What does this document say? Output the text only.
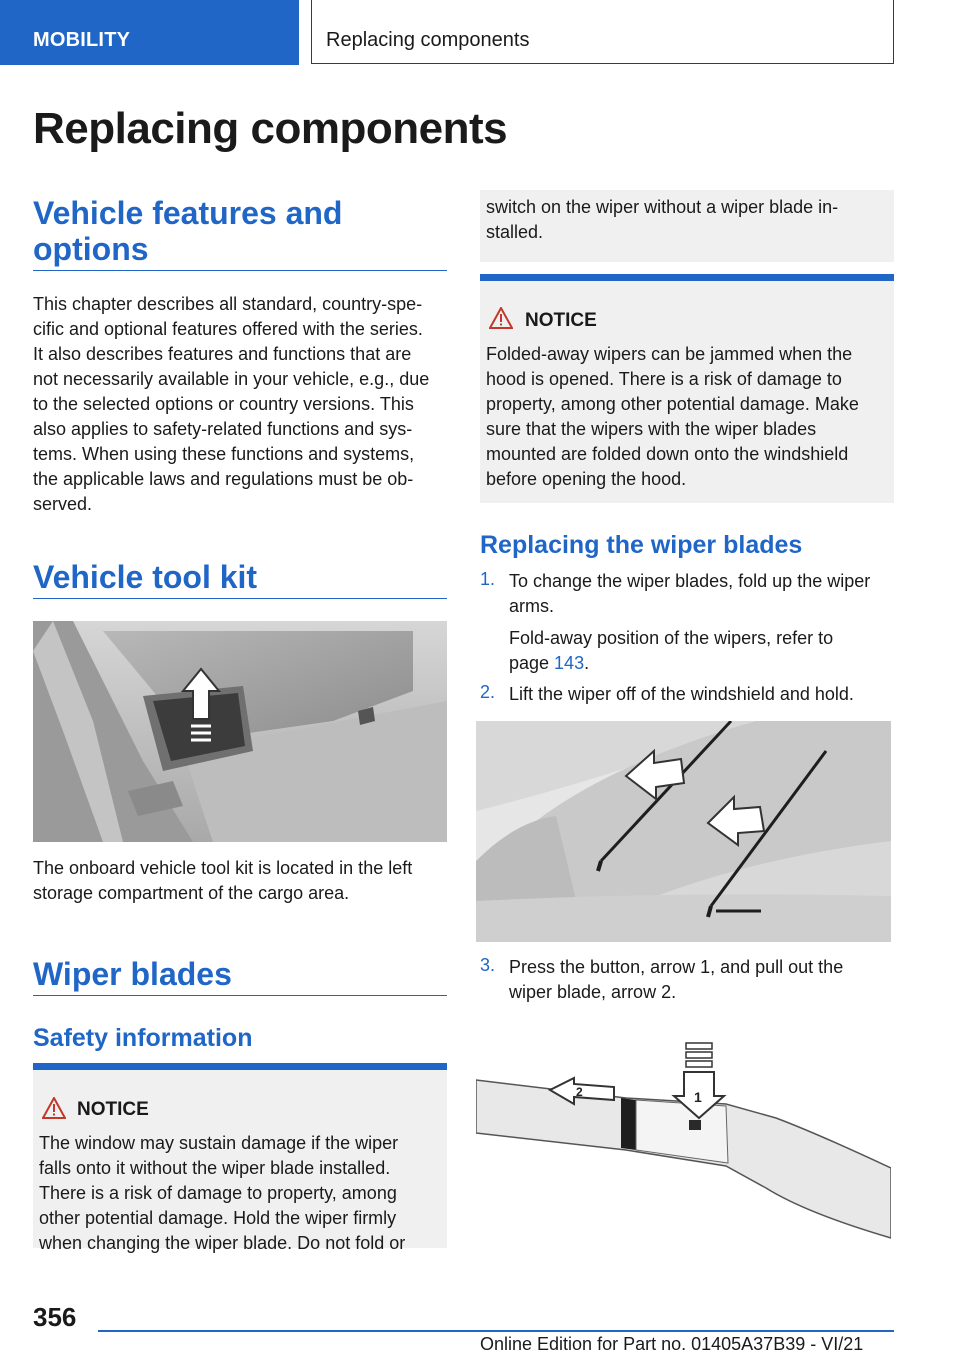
MOBILITY	Replacing components
Replacing components
Vehicle features and
options
This chapter describes all standard, country-spe-
cific and optional features offered with the series.
It also describes features and functions that are
not necessarily available in your vehicle, e.g., due
to the selected options or country versions. This
also applies to safety-related functions and sys-
tems. When using these functions and systems,
the applicable laws and regulations must be ob-
served.
Vehicle tool kit
The onboard vehicle tool kit is located in the left
storage compartment of the cargo area.
Wiper blades
Safety information
NOTICE
The window may sustain damage if the wiper
falls onto it without the wiper blade installed.
There is a risk of damage to property, among
other potential damage. Hold the wiper firmly
when changing the wiper blade. Do not fold or
switch on the wiper without a wiper blade in-
stalled.
NOTICE
Folded-away wipers can be jammed when the
hood is opened. There is a risk of damage to
property, among other potential damage. Make
sure that the wipers with the wiper blades
mounted are folded down onto the windshield
before opening the hood.
Replacing the wiper blades
1. To change the wiper blades, fold up the wiper
arms.
Fold-away position of the wipers, refer to
page 143.
2. Lift the wiper off of the windshield and hold.
3. Press the button, arrow 1, and pull out the
wiper blade, arrow 2.
2	1
356
Online Edition for Part no. 01405A37B39 - VI/21
